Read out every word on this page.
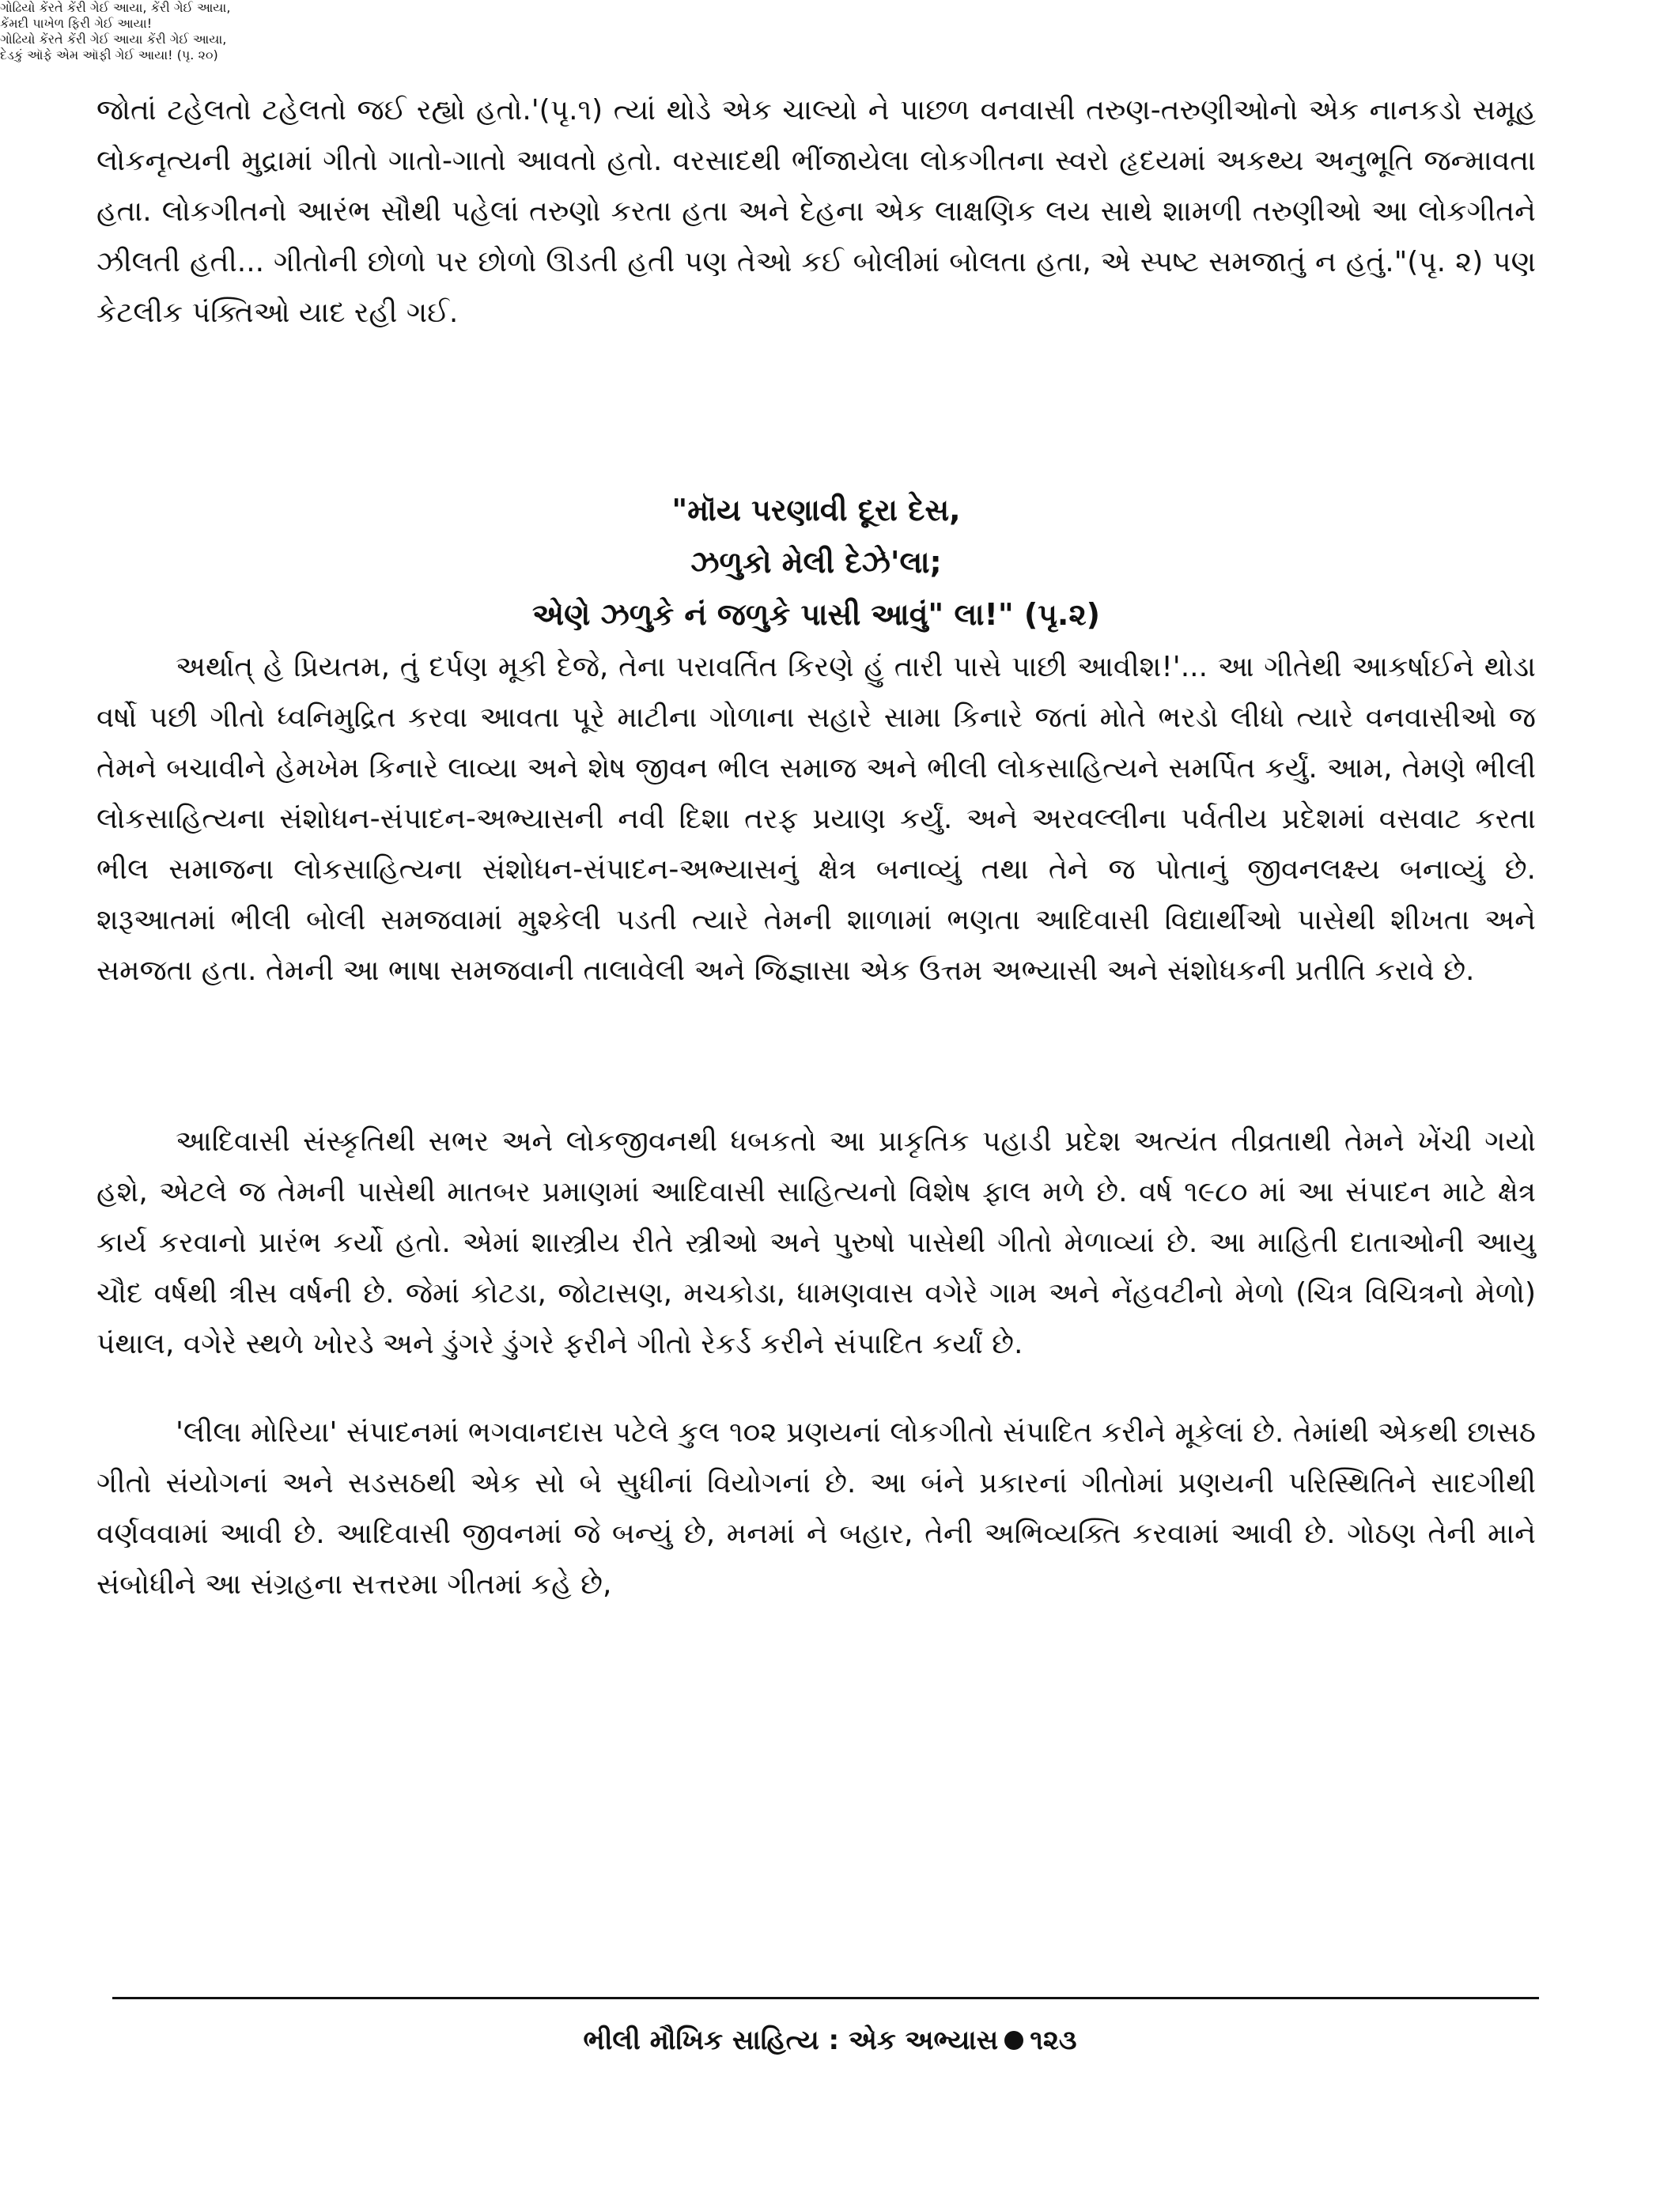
જોતાં ટહેલતો ટહેલતો જઈ રહ્યો હતો.'(પૃ.૧) ત્યાં થોડે એક ચાલ્યો ને પાછળ વનવાસી તરુણ-તરુણીઓનો એક નાનકડો સમૂહ લોકનૃત્યની મુદ્રામાં ગીતો ગાતો-ગાતો આવતો હતો. વરસાદથી ભીંજાયેલા લોકગીતના સ્વરો હૃદયમાં અકથ્ય અનુભૂતિ જન્માવતા હતા. લોકગીતનો આરંભ સૌથી પહેલાં તરુણો કરતા હતા અને દેહના એક લાક્ષણિક લય સાથે શામળી તરુણીઓ આ લોકગીતને ઝીલતી હતી... ગીતોની છોળો પર છોળો ઊડતી હતી પણ તેઓ કઈ બોલીમાં બોલતા હતા, એ સ્પષ્ટ સમજાતું ન હતું."(પૃ. ૨) પણ કેટલીક પંક્તિઓ યાદ રહી ગઈ.

"મૉય પરણાવી દૂરા દેસ,
ઝળુકો મેલી દેઝે'લા;
એણે ઝળુકે નં જળુકે પાસી આવું" લા!" (પૃ.૨)

અર્થાત્ હે પ્રિયતમ, તું દર્પણ મૂકી દેજે, તેના પરાવર્તિત કિરણે હું તારી પાસે પાછી આવીશ!'... આ ગીતેથી આકર્ષાઈને થોડા વર્ષો પછી ગીતો ધ્વનિમુદ્રિત કરવા આવતા પૂરે માટીના ગોળાના સહારે સામા કિનારે જતાં મોતે ભરડો લીધો ત્યારે વનવાસીઓ જ તેમને બચાવીને હેમખેમ કિનારે લાવ્યા અને શેષ જીવન ભીલ સમાજ અને ભીલી લોકસાહિત્યને સમર્પિત કર્યું. આમ, તેમણે ભીલી લોકસાહિત્યના સંશોધન-સંપાદન-અભ્યાસની નવી દિશા તરફ પ્રયાણ કર્યું. અને અરવલ્લીના પર્વતીય પ્રદેશમાં વસવાટ કરતા ભીલ સમાજના લોકસાહિત્યના સંશોધન-સંપાદન-અભ્યાસનું ક્ષેત્ર બનાવ્યું તથા તેને જ પોતાનું જીવનલક્ષ્ય બનાવ્યું છે. શરૂઆતમાં ભીલી બોલી સમજવામાં મુશ્કેલી પડતી ત્યારે તેમની શાળામાં ભણતા આદિવાસી વિદ્યાર્થીઓ પાસેથી શીખતા અને સમજતા હતા. તેમની આ ભાષા સમજવાની તાલાવેલી અને જિજ્ઞાસા એક ઉત્તમ અભ્યાસી અને સંશોધકની પ્રતીતિ કરાવે છે.

આદિવાસી સંસ્કૃતિથી સભર અને લોકજીવનથી ધબકતો આ પ્રાકૃતિક પહાડી પ્રદેશ અત્યંત તીવ્રતાથી તેમને ખેંચી ગયો હશે, એટલે જ તેમની પાસેથી માતબર પ્રમાણમાં આદિવાસી સાહિત્યનો વિશેષ ફાલ મળે છે. વર્ષ ૧૯૮૦ માં આ સંપાદન માટે ક્ષેત્ર કાર્ય કરવાનો પ્રારંભ કર્યો હતો. એમાં શાસ્ત્રીય રીતે સ્ત્રીઓ અને પુરુષો પાસેથી ગીતો મેળાવ્યાં છે. આ માહિતી દાતાઓની આયુ ચૌદ વર્ષથી ત્રીસ વર્ષની છે. જેમાં કોટડા, જોટાસણ, મચકોડા, ધામણવાસ વગેરે ગામ અને નેંહવટીનો મેળો (ચિત્ર વિચિત્રનો મેળો) પંથાલ, વગેરે સ્થળે ખોરડે અને ડુંગરે ડુંગરે ફરીને ગીતો રેકર્ડ કરીને સંપાદિત કર્યાં છે.

'લીલા મોરિયા' સંપાદનમાં ભગવાનદાસ પટેલે કુલ ૧૦૨ પ્રણયનાં લોકગીતો સંપાદિત કરીને મૂકેલાં છે. તેમાંથી એકથી છાસઠ ગીતો સંયોગનાં અને સડસઠથી એક સો બે સુધીનાં વિયોગનાં છે. આ બંને પ્રકારનાં ગીતોમાં પ્રણયની પરિસ્થિતિને સાદગીથી વર્ણવવામાં આવી છે. આદિવાસી જીવનમાં જે બન્યું છે, મનમાં ને બહાર, તેની અભિવ્યક્તિ કરવામાં આવી છે. ગોઠણ તેની માને સંબોધીને આ સંગ્રહના સત્તરમા ગીતમાં કહે છે,

ગોઢિયો કેંરતે કેંરી ગેઈ આયા, કેંરી ગેઈ આયા,
કેંમદી પાખેળ ફિરી ગેઈ આયા!
ગોઢિયો કેંરતે કેંરી ગેઈ આયા કેંરી ગેઈ આયા,
દેડકું ઑફે એમ ઑફી ગેઈ આયા! (પૃ. ૨૦)
ભીલી મૌખિક સાહિત્ય : એક અભ્યાસ ૧૨૩
